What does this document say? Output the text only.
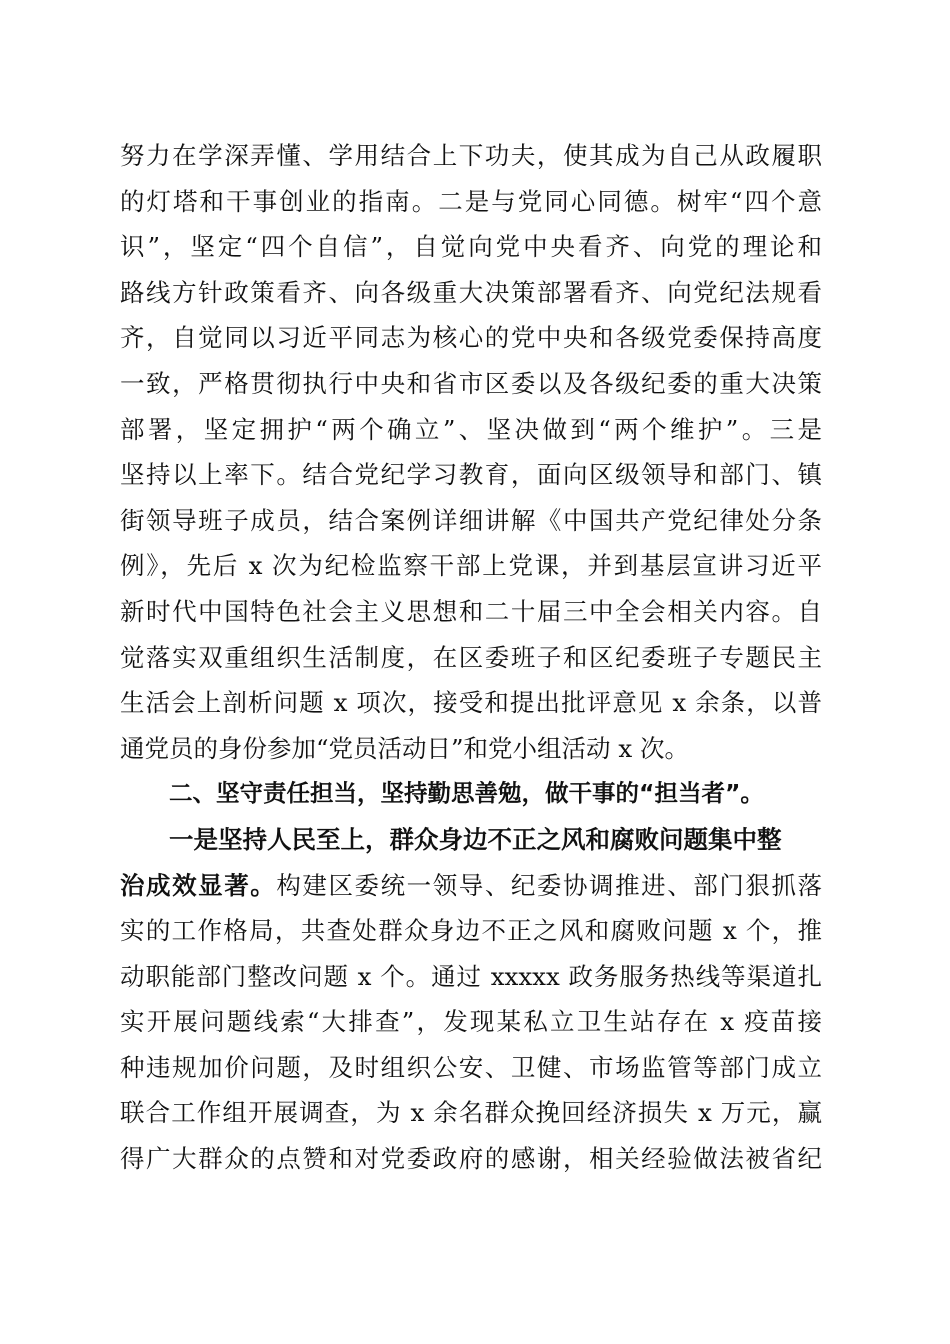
努力在学深弄懂、学用结合上下功夫，使其成为自己从政履职
的灯塔和干事创业的指南。二是与党同心同德。树牢“四个意
识”，坚定“四个自信”，自觉向党中央看齐、向党的理论和
路线方针政策看齐、向各级重大决策部署看齐、向党纪法规看
齐，自觉同以习近平同志为核心的党中央和各级党委保持高度
一致，严格贯彻执行中央和省市区委以及各级纪委的重大决策
部署，坚定拥护“两个确立”、坚决做到“两个维护”。三是
坚持以上率下。结合党纪学习教育，面向区级领导和部门、镇
街领导班子成员，结合案例详细讲解《中国共产党纪律处分条
例》，先后 x 次为纪检监察干部上党课，并到基层宣讲习近平
新时代中国特色社会主义思想和二十届三中全会相关内容。自
觉落实双重组织生活制度，在区委班子和区纪委班子专题民主
生活会上剖析问题 x 项次，接受和提出批评意见 x 余条，以普
通党员的身份参加“党员活动日”和党小组活动 x 次。
二、坚守责任担当，坚持勤思善勉，做干事的“担当者”。
一是坚持人民至上，群众身边不正之风和腐败问题集中整
治成效显著。构建区委统一领导、纪委协调推进、部门狠抓落
实的工作格局，共查处群众身边不正之风和腐败问题 x 个，推
动职能部门整改问题 x 个。通过 xxxxx 政务服务热线等渠道扎
实开展问题线索“大排查”，发现某私立卫生站存在 x 疫苗接
种违规加价问题，及时组织公安、卫健、市场监管等部门成立
联合工作组开展调查，为 x 余名群众挽回经济损失 x 万元，赢
得广大群众的点赞和对党委政府的感谢，相关经验做法被省纪
